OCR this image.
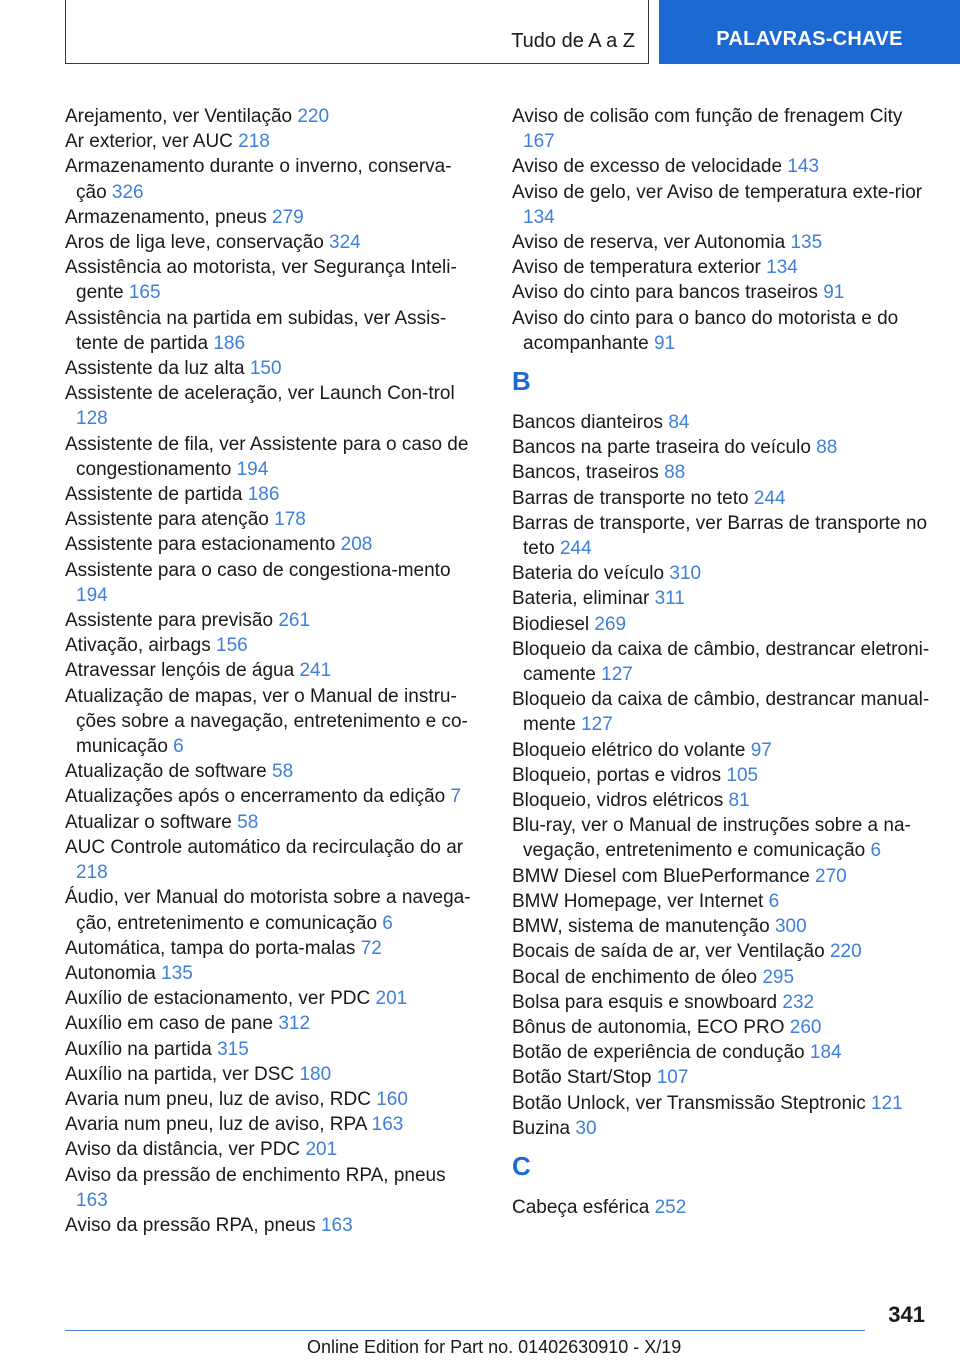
Tudo de A a Z	PALAVRAS-CHAVE
Arejamento, ver Ventilação 220
Ar exterior, ver AUC 218
Armazenamento durante o inverno, conserva-ção 326
Armazenamento, pneus 279
Aros de liga leve, conservação 324
Assistência ao motorista, ver Segurança Inteli-gente 165
Assistência na partida em subidas, ver Assis-tente de partida 186
Assistente da luz alta 150
Assistente de aceleração, ver Launch Con-trol 128
Assistente de fila, ver Assistente para o caso de congestionamento 194
Assistente de partida 186
Assistente para atenção 178
Assistente para estacionamento 208
Assistente para o caso de congestiona-mento 194
Assistente para previsão 261
Ativação, airbags 156
Atravessar lençóis de água 241
Atualização de mapas, ver o Manual de instru-ções sobre a navegação, entretenimento e co-municação 6
Atualização de software 58
Atualizações após o encerramento da edição 7
Atualizar o software 58
AUC Controle automático da recirculação do ar 218
Áudio, ver Manual do motorista sobre a navega-ção, entretenimento e comunicação 6
Automática, tampa do porta-malas 72
Autonomia 135
Auxílio de estacionamento, ver PDC 201
Auxílio em caso de pane 312
Auxílio na partida 315
Auxílio na partida, ver DSC 180
Avaria num pneu, luz de aviso, RDC 160
Avaria num pneu, luz de aviso, RPA 163
Aviso da distância, ver PDC 201
Aviso da pressão de enchimento RPA, pneus 163
Aviso da pressão RPA, pneus 163
Aviso de colisão com função de frenagem City 167
Aviso de excesso de velocidade 143
Aviso de gelo, ver Aviso de temperatura exte-rior 134
Aviso de reserva, ver Autonomia 135
Aviso de temperatura exterior 134
Aviso do cinto para bancos traseiros 91
Aviso do cinto para o banco do motorista e do acompanhante 91
B
Bancos dianteiros 84
Bancos na parte traseira do veículo 88
Bancos, traseiros 88
Barras de transporte no teto 244
Barras de transporte, ver Barras de transporte no teto 244
Bateria do veículo 310
Bateria, eliminar 311
Biodiesel 269
Bloqueio da caixa de câmbio, destrancar eletroni-camente 127
Bloqueio da caixa de câmbio, destrancar manual-mente 127
Bloqueio elétrico do volante 97
Bloqueio, portas e vidros 105
Bloqueio, vidros elétricos 81
Blu-ray, ver o Manual de instruções sobre a na-vegação, entretenimento e comunicação 6
BMW Diesel com BluePerformance 270
BMW Homepage, ver Internet 6
BMW, sistema de manutenção 300
Bocais de saída de ar, ver Ventilação 220
Bocal de enchimento de óleo 295
Bolsa para esquis e snowboard 232
Bônus de autonomia, ECO PRO 260
Botão de experiência de condução 184
Botão Start/Stop 107
Botão Unlock, ver Transmissão Steptronic 121
Buzina 30
C
Cabeça esférica 252
341
Online Edition for Part no. 01402630910 - X/19
